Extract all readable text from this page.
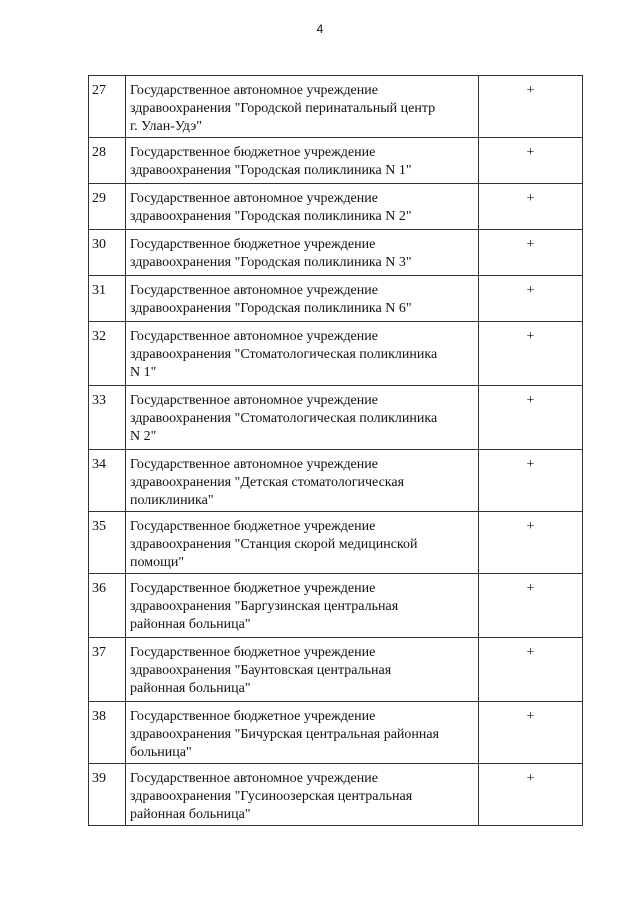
4
27	Государственное автономное учреждение
здравоохранения "Городской перинатальный центр
г. Улан-Удэ"	+
28	Государственное бюджетное учреждение
здравоохранения "Городская поликлиника N 1"	+
29	Государственное автономное учреждение
здравоохранения "Городская поликлиника N 2"	+
30	Государственное бюджетное учреждение
здравоохранения "Городская поликлиника N 3"	+
31	Государственное автономное учреждение
здравоохранения "Городская поликлиника N 6"	+
32	Государственное автономное учреждение
здравоохранения "Стоматологическая поликлиника
N 1"	+
33	Государственное автономное учреждение
здравоохранения "Стоматологическая поликлиника
N 2"	+
34	Государственное автономное учреждение
здравоохранения "Детская стоматологическая
поликлиника"	+
35	Государственное бюджетное учреждение
здравоохранения "Станция скорой медицинской
помощи"	+
36	Государственное бюджетное учреждение
здравоохранения "Баргузинская центральная
районная больница"	+
37	Государственное бюджетное учреждение
здравоохранения "Баунтовская центральная
районная больница"	+
38	Государственное бюджетное учреждение
здравоохранения "Бичурская центральная районная
больница"	+
39	Государственное автономное учреждение
здравоохранения "Гусиноозерская центральная
районная больница"	+
